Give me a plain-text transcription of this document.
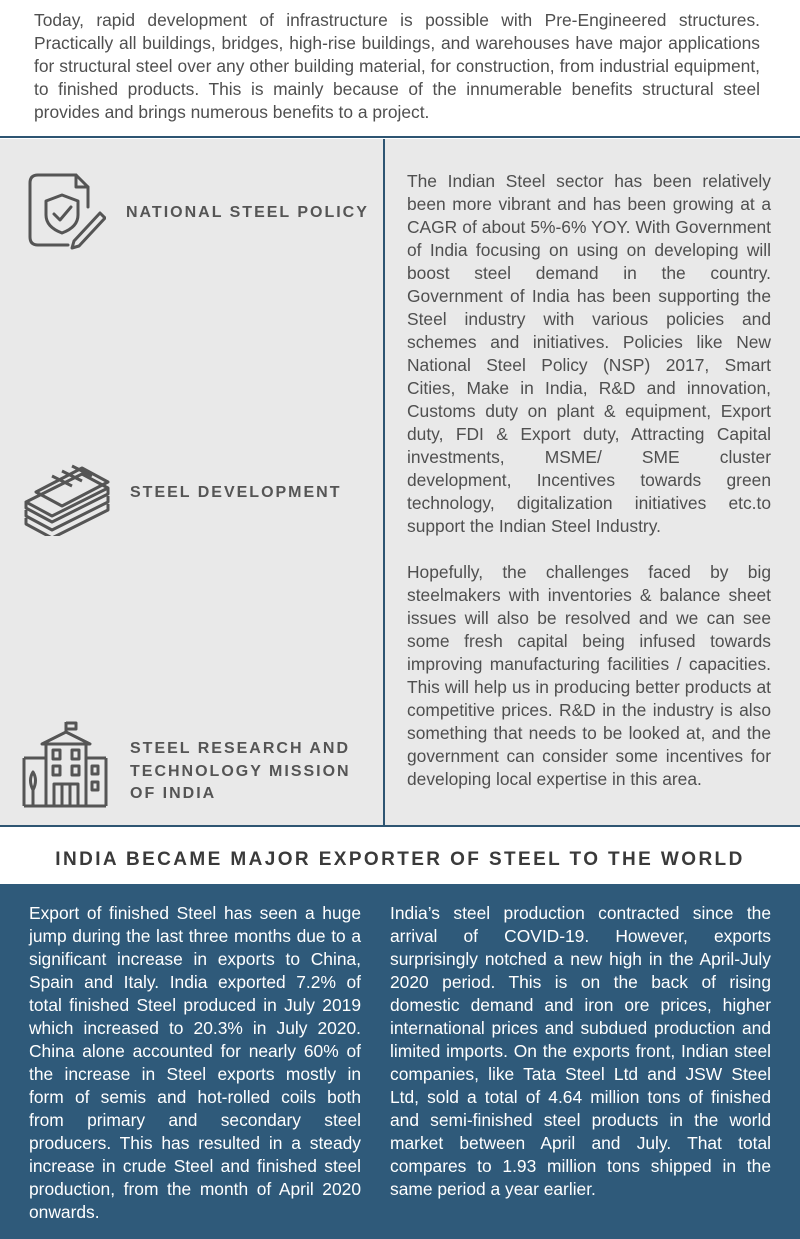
Today, rapid development of infrastructure is possible with Pre-Engineered structures. Practically all buildings, bridges, high-rise buildings, and warehouses have major applications for structural steel over any other building material, for construction, from industrial equipment, to finished products. This is mainly because of the innumerable benefits structural steel provides and brings numerous benefits to a project.
NATIONAL STEEL POLICY
STEEL DEVELOPMENT
STEEL RESEARCH AND TECHNOLOGY MISSION OF INDIA

The Indian Steel sector has been relatively been more vibrant and has been growing at a CAGR of about 5%-6% YOY. With Government of India focusing on using on developing will boost steel demand in the country. Government of India has been supporting the Steel industry with various policies and schemes and initiatives. Policies like New National Steel Policy (NSP) 2017, Smart Cities, Make in India, R&D and innovation, Customs duty on plant & equipment, Export duty, FDI & Export duty, Attracting Capital investments, MSME/ SME cluster development, Incentives towards green technology, digitalization initiatives etc.to support the Indian Steel Industry.

Hopefully, the challenges faced by big steelmakers with inventories & balance sheet issues will also be resolved and we can see some fresh capital being infused towards improving manufacturing facilities / capacities. This will help us in producing better products at competitive prices. R&D in the industry is also something that needs to be looked at, and the government can consider some incentives for developing local expertise in this area.

INDIA BECAME MAJOR EXPORTER OF STEEL TO THE WORLD
Export of finished Steel has seen a huge jump during the last three months due to a significant increase in exports to China, Spain and Italy. India exported 7.2% of total finished Steel produced in July 2019 which increased to 20.3% in July 2020. China alone accounted for nearly 60% of the increase in Steel exports mostly in form of semis and hot-rolled coils both from primary and secondary steel producers. This has resulted in a steady increase in crude Steel and finished steel production, from the month of April 2020 onwards.
India’s steel production contracted since the arrival of COVID-19. However, exports surprisingly notched a new high in the April-July 2020 period. This is on the back of rising domestic demand and iron ore prices, higher international prices and subdued production and limited imports. On the exports front, Indian steel companies, like Tata Steel Ltd and JSW Steel Ltd, sold a total of 4.64 million tons of finished and semi-finished steel products in the world market between April and July. That total compares to 1.93 million tons shipped in the same period a year earlier.
